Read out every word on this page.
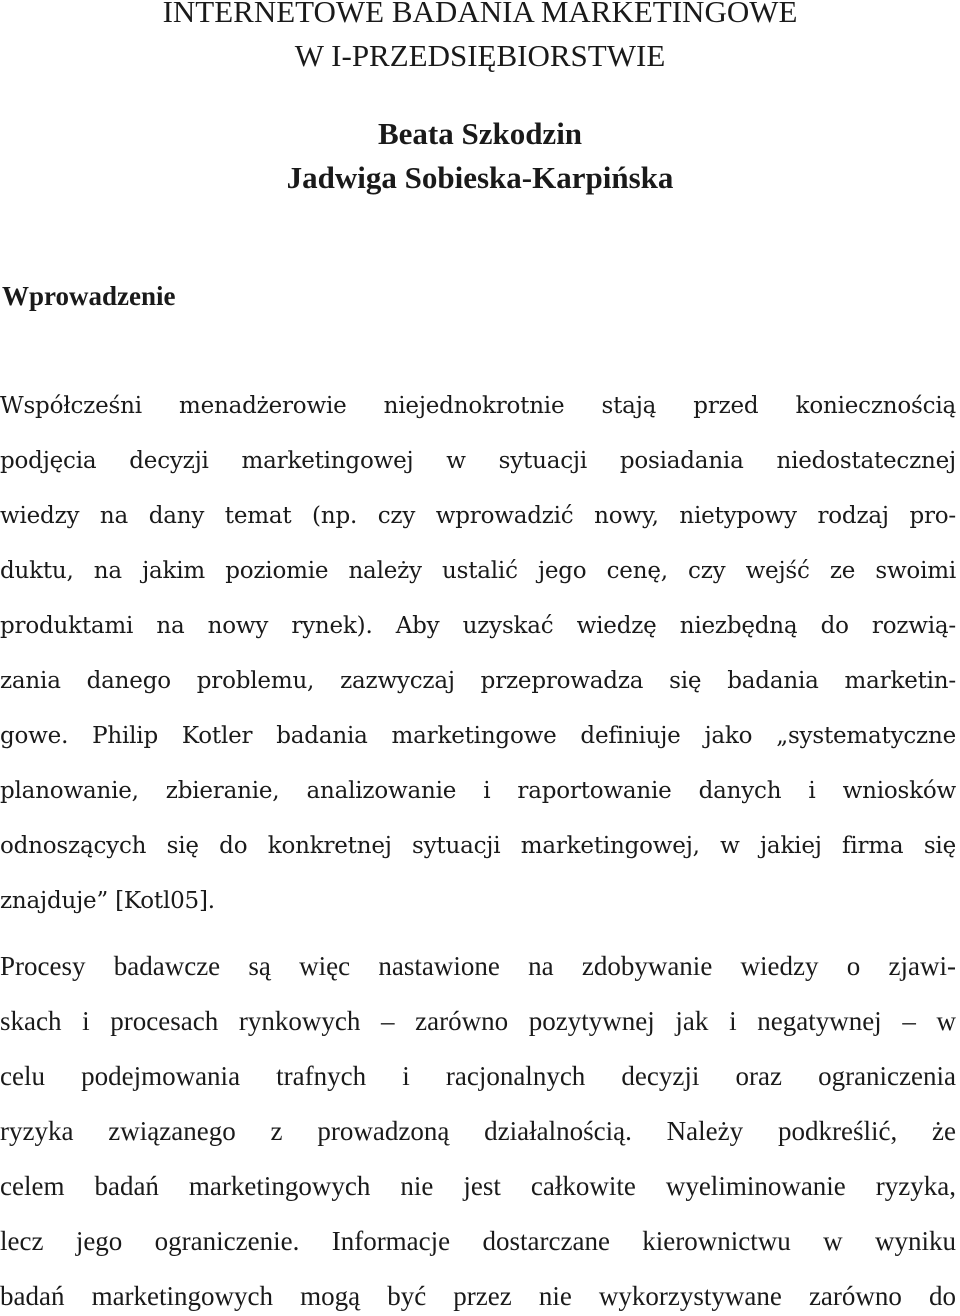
INTERNETOWE BADANIA MARKETINGOWE
W I-PRZEDSIĘBIORSTWIE

Beata Szkodzin

Jadwiga Sobieska-Karpińska

Wprowadzenie
Współcześni menadżerowie niejednokrotnie stają przed koniecznością
podjęcia decyzji marketingowej w sytuacji posiadania niedostatecznej
wiedzy na dany temat (np. czy wprowadzić nowy, nietypowy rodzaj pro-
duktu, na jakim poziomie należy ustalić jego cenę, czy wejść ze swoimi
produktami na nowy rynek). Aby uzyskać wiedzę niezbędną do rozwią-
zania danego problemu, zazwyczaj przeprowadza się badania marketin-
gowe. Philip Kotler badania marketingowe definiuje jako „systematyczne
planowanie, zbieranie, analizowanie i raportowanie danych i wniosków
odnoszących się do konkretnej sytuacji marketingowej, w jakiej firma się
znajduje” [Kotl05].
Procesy badawcze są więc nastawione na zdobywanie wiedzy o zjawi-
skach i procesach rynkowych – zarówno pozytywnej jak i negatywnej – w
celu podejmowania trafnych i racjonalnych decyzji oraz ograniczenia
ryzyka związanego z prowadzoną działalnością. Należy podkreślić, że
celem badań marketingowych nie jest całkowite wyeliminowanie ryzyka,
lecz jego ograniczenie. Informacje dostarczane kierownictwu w wyniku
badań marketingowych mogą być przez nie wykorzystywane zarówno do
